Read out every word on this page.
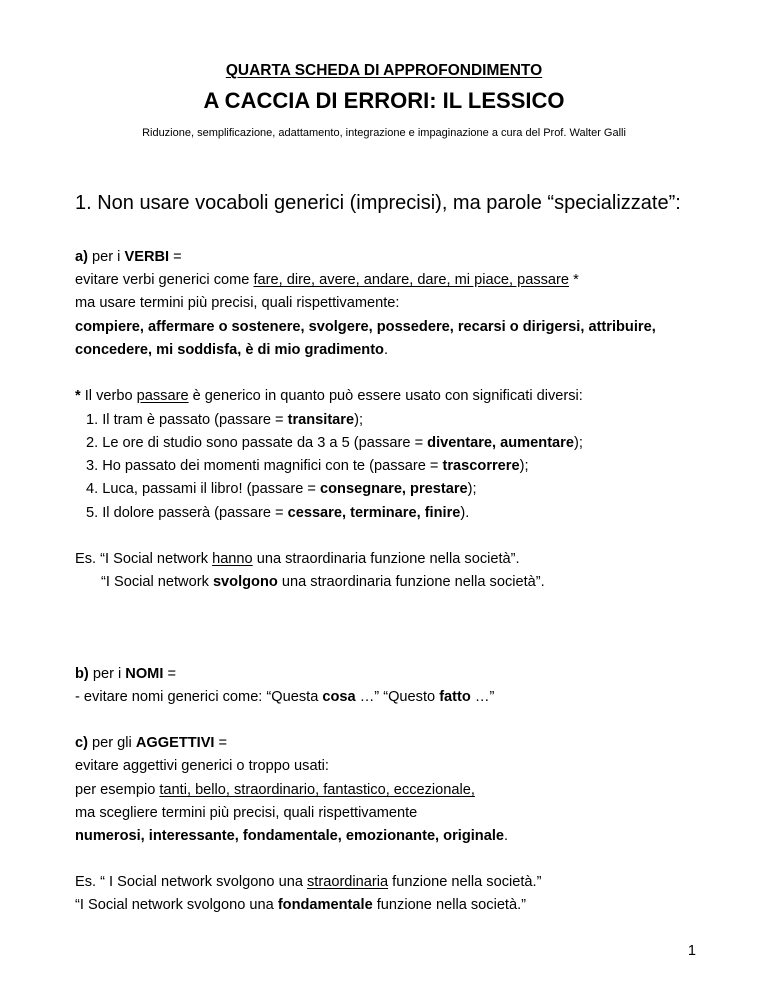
QUARTA SCHEDA DI APPROFONDIMENTO
A CACCIA DI ERRORI: IL LESSICO
Riduzione, semplificazione, adattamento, integrazione e impaginazione a cura del Prof. Walter Galli
1. Non usare vocaboli generici (imprecisi), ma parole “specializzate”:
a) per i VERBI =
evitare verbi generici come fare, dire, avere, andare, dare, mi piace, passare *
ma usare termini più precisi, quali rispettivamente:
compiere, affermare o sostenere, svolgere, possedere, recarsi o dirigersi, attribuire,
concedere, mi soddisfa, è di mio gradimento.
* Il verbo passare è generico in quanto può essere usato con significati diversi:
1. Il tram è passato (passare = transitare);
2. Le ore di studio sono passate da 3 a 5 (passare = diventare, aumentare);
3. Ho passato dei momenti magnifici con te (passare = trascorrere);
4. Luca, passami il libro! (passare = consegnare, prestare);
5. Il dolore passerà (passare = cessare, terminare, finire).
Es. “I Social network hanno una straordinaria funzione nella società”.
“I Social network svolgono una straordinaria funzione nella società”.
b) per i NOMI =
- evitare nomi generici come: “Questa cosa …” “Questo fatto …”
c) per gli AGGETTIVI =
evitare aggettivi generici o troppo usati:
per esempio tanti, bello, straordinario, fantastico, eccezionale,
ma scegliere termini più precisi, quali rispettivamente
numerosi, interessante, fondamentale, emozionante, originale.
Es. “ I Social network svolgono una straordinaria funzione nella società.”
“I Social network svolgono una fondamentale funzione nella società.”
1
